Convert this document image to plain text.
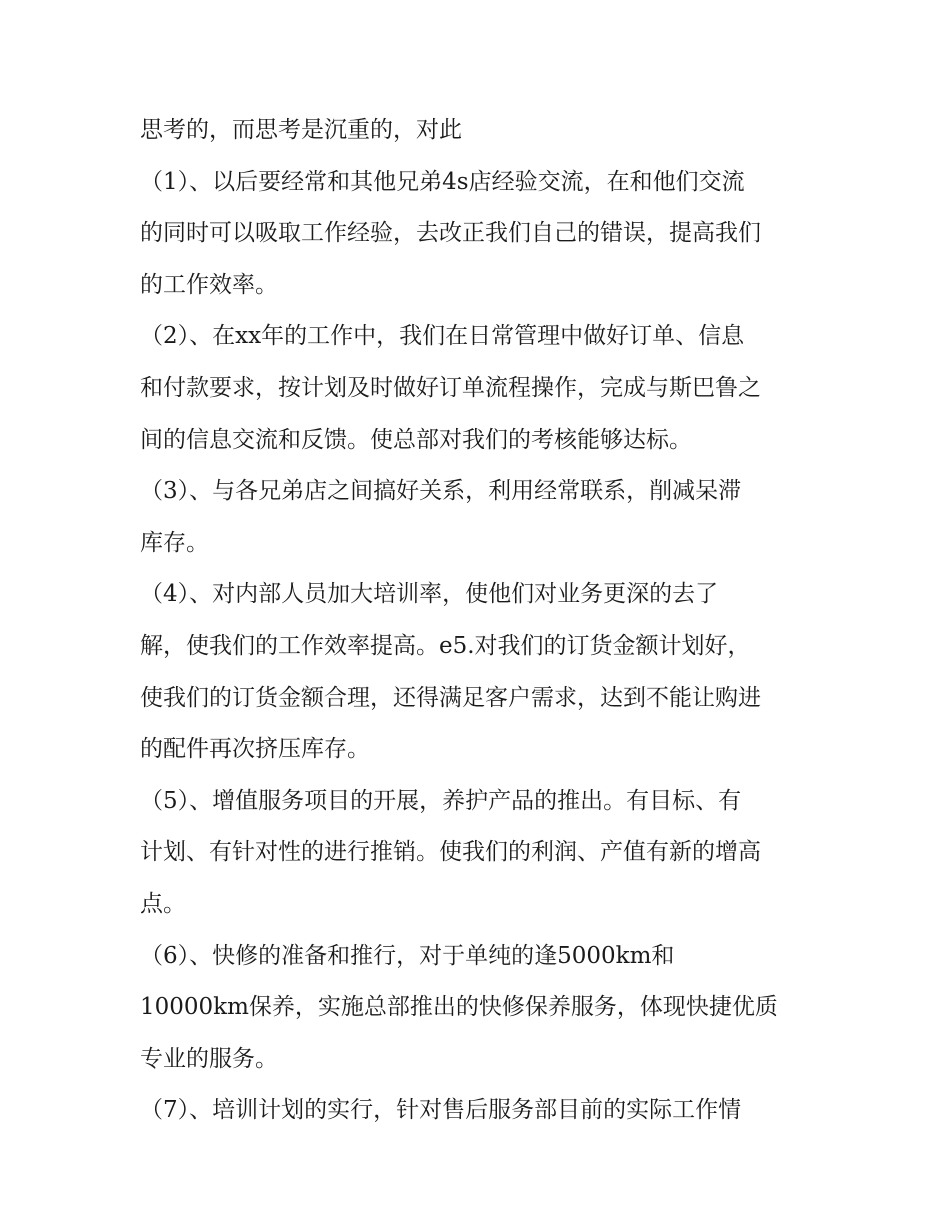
思考的，而思考是沉重的，对此
（1）、以后要经常和其他兄弟4s店经验交流，在和他们交流
的同时可以吸取工作经验，去改正我们自己的错误，提高我们
的工作效率。
（2）、在xx年的工作中，我们在日常管理中做好订单、信息
和付款要求，按计划及时做好订单流程操作，完成与斯巴鲁之
间的信息交流和反馈。使总部对我们的考核能够达标。
（3）、与各兄弟店之间搞好关系，利用经常联系，削减呆滞
库存。
（4）、对内部人员加大培训率，使他们对业务更深的去了
解，使我们的工作效率提高。e5.对我们的订货金额计划好，
使我们的订货金额合理，还得满足客户需求，达到不能让购进
的配件再次挤压库存。
（5）、增值服务项目的开展，养护产品的推出。有目标、有
计划、有针对性的进行推销。使我们的利润、产值有新的增高
点。
（6）、快修的准备和推行，对于单纯的逢5000km和
10000km保养，实施总部推出的快修保养服务，体现快捷优质
专业的服务。
（7）、培训计划的实行，针对售后服务部目前的实际工作情
